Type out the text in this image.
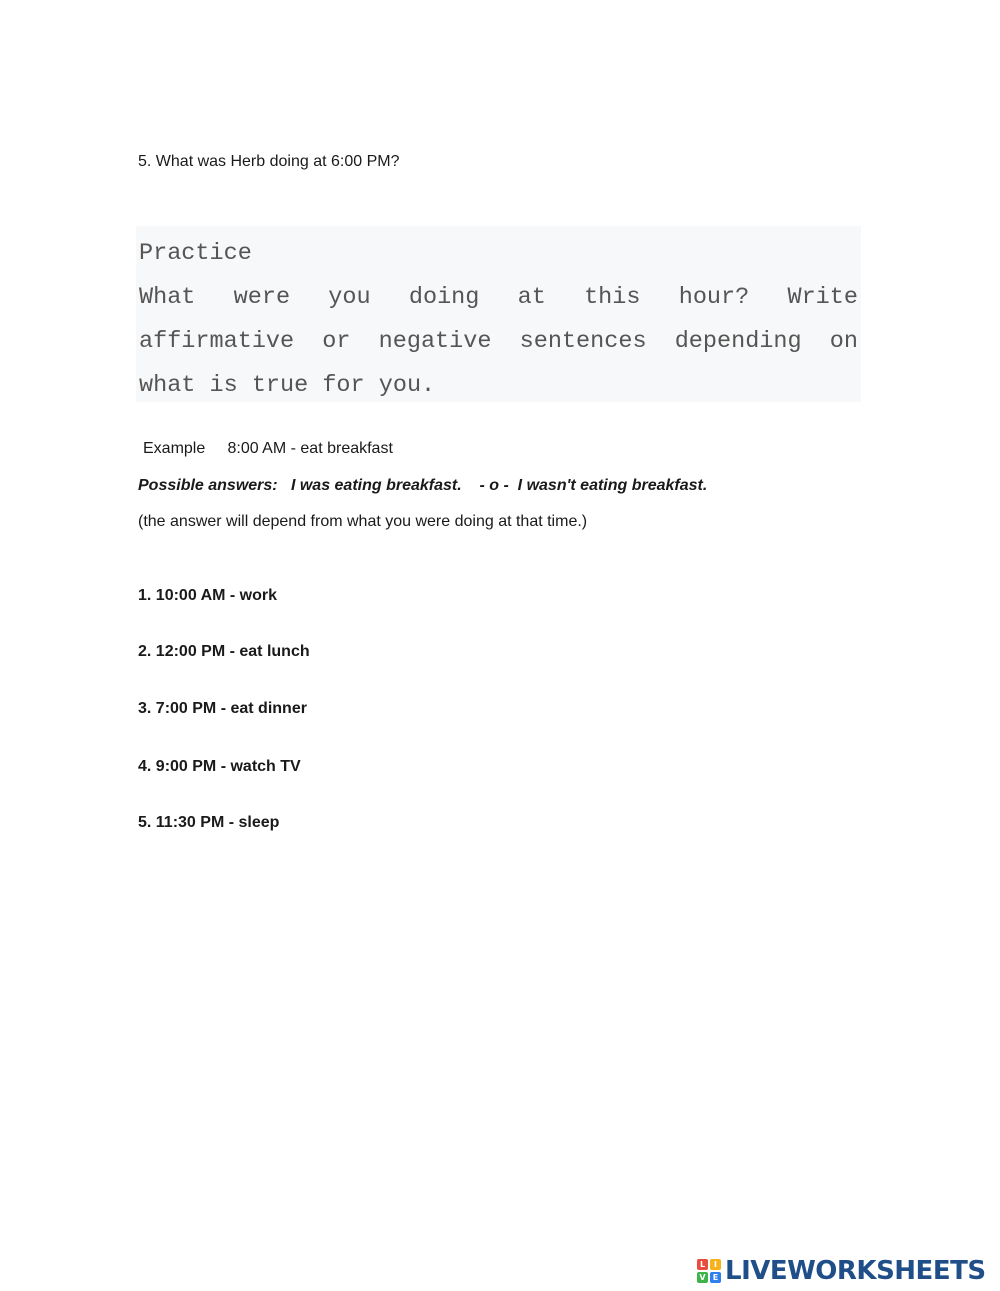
5. What was Herb doing at 6:00 PM?
Practice
What were you doing at this hour? Write
affirmative or negative sentences depending on
what is true for you.
Example     8:00 AM - eat breakfast
Possible answers:   I was eating breakfast.    - o -  I wasn't eating breakfast.
(the answer will depend from what you were doing at that time.)
1. 10:00 AM - work
2. 12:00 PM - eat lunch
3. 7:00 PM - eat dinner
4. 9:00 PM - watch TV
5. 11:30 PM - sleep
L	I
V E LIVEWORKSHEETS
